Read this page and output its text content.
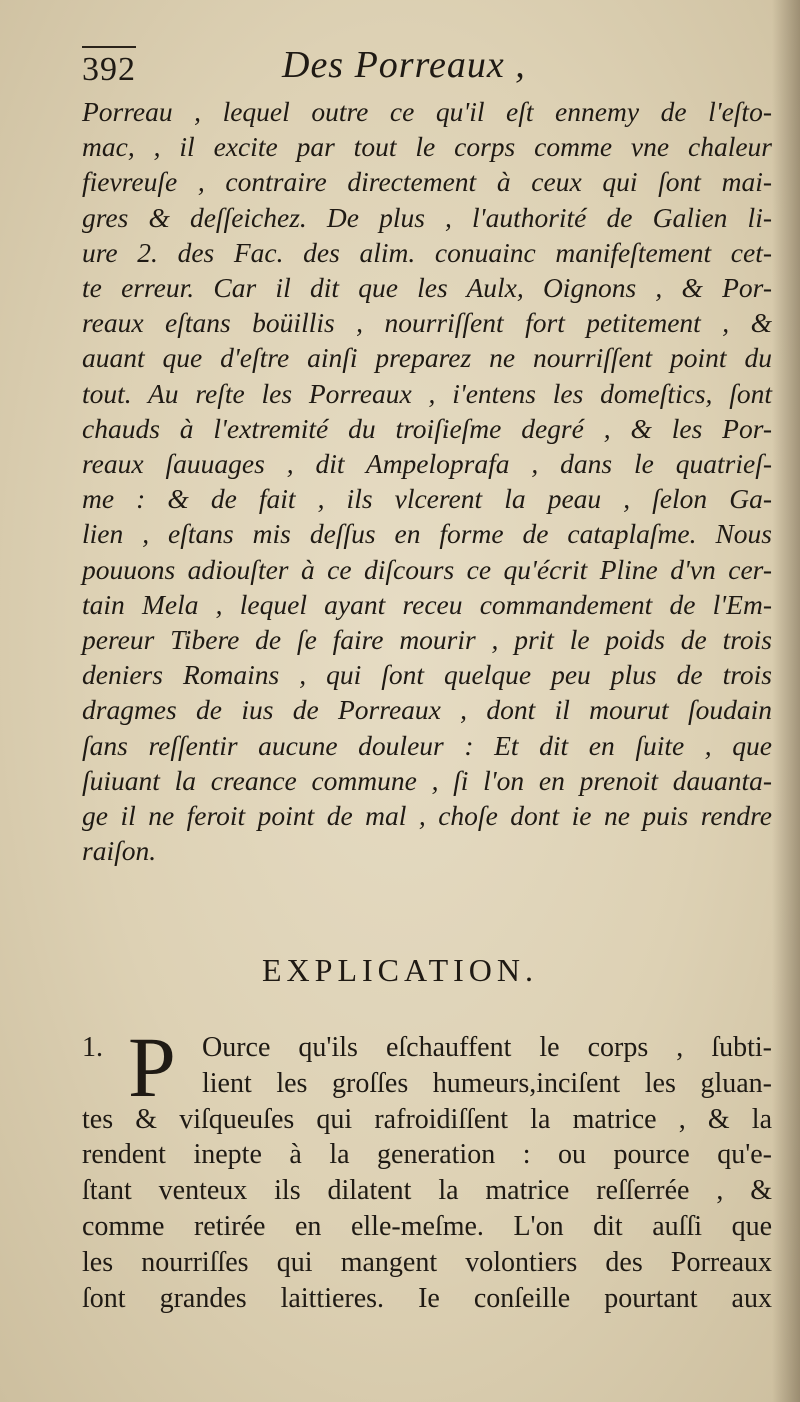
392	Des Porreaux ,
Porreau , lequel outre ce qu'il eſt ennemy de l'eſto-
mac, , il excite par tout le corps comme vne chaleur
fievreuſe , contraire directement à ceux qui ſont mai-
gres & deſſeichez. De plus , l'authorité de Galien li-
ure 2. des Fac. des alim. conuainc manifeſtement cet-
te erreur. Car il dit que les Aulx, Oignons , & Por-
reaux eſtans boüillis , nourriſſent fort petitement , &
auant que d'eſtre ainſi preparez ne nourriſſent point du
tout. Au reſte les Porreaux , i'entens les domeſtics, ſont
chauds à l'extremité du troiſieſme degré , & les Por-
reaux ſauuages , dit Ampeloprafa , dans le quatrieſ-
me : & de fait , ils vlcerent la peau , ſelon Ga-
lien , eſtans mis deſſus en forme de cataplaſme. Nous
pouuons adiouſter à ce diſcours ce qu'écrit Pline d'vn cer-
tain Mela , lequel ayant receu commandement de l'Em-
pereur Tibere de ſe faire mourir , prit le poids de trois
deniers Romains , qui ſont quelque peu plus de trois
dragmes de ius de Porreaux , dont il mourut ſoudain
ſans reſſentir aucune douleur : Et dit en ſuite , que
ſuiuant la creance commune , ſi l'on en prenoit dauanta-
ge il ne feroit point de mal , choſe dont ie ne puis rendre
raiſon.
EXPLICATION.
1. P Ource qu'ils eſchauffent le corps , ſubti-
lient les groſſes humeurs,inciſent les gluan-
tes & viſqueuſes qui rafroidiſſent la matrice , & la
rendent inepte à la generation : ou pource qu'e-
ſtant venteux ils dilatent la matrice reſſerrée , &
comme retirée en elle-meſme. L'on dit auſſi que
les nourriſſes qui mangent volontiers des Porreaux
ſont grandes laittieres. Ie conſeille pourtant aux
